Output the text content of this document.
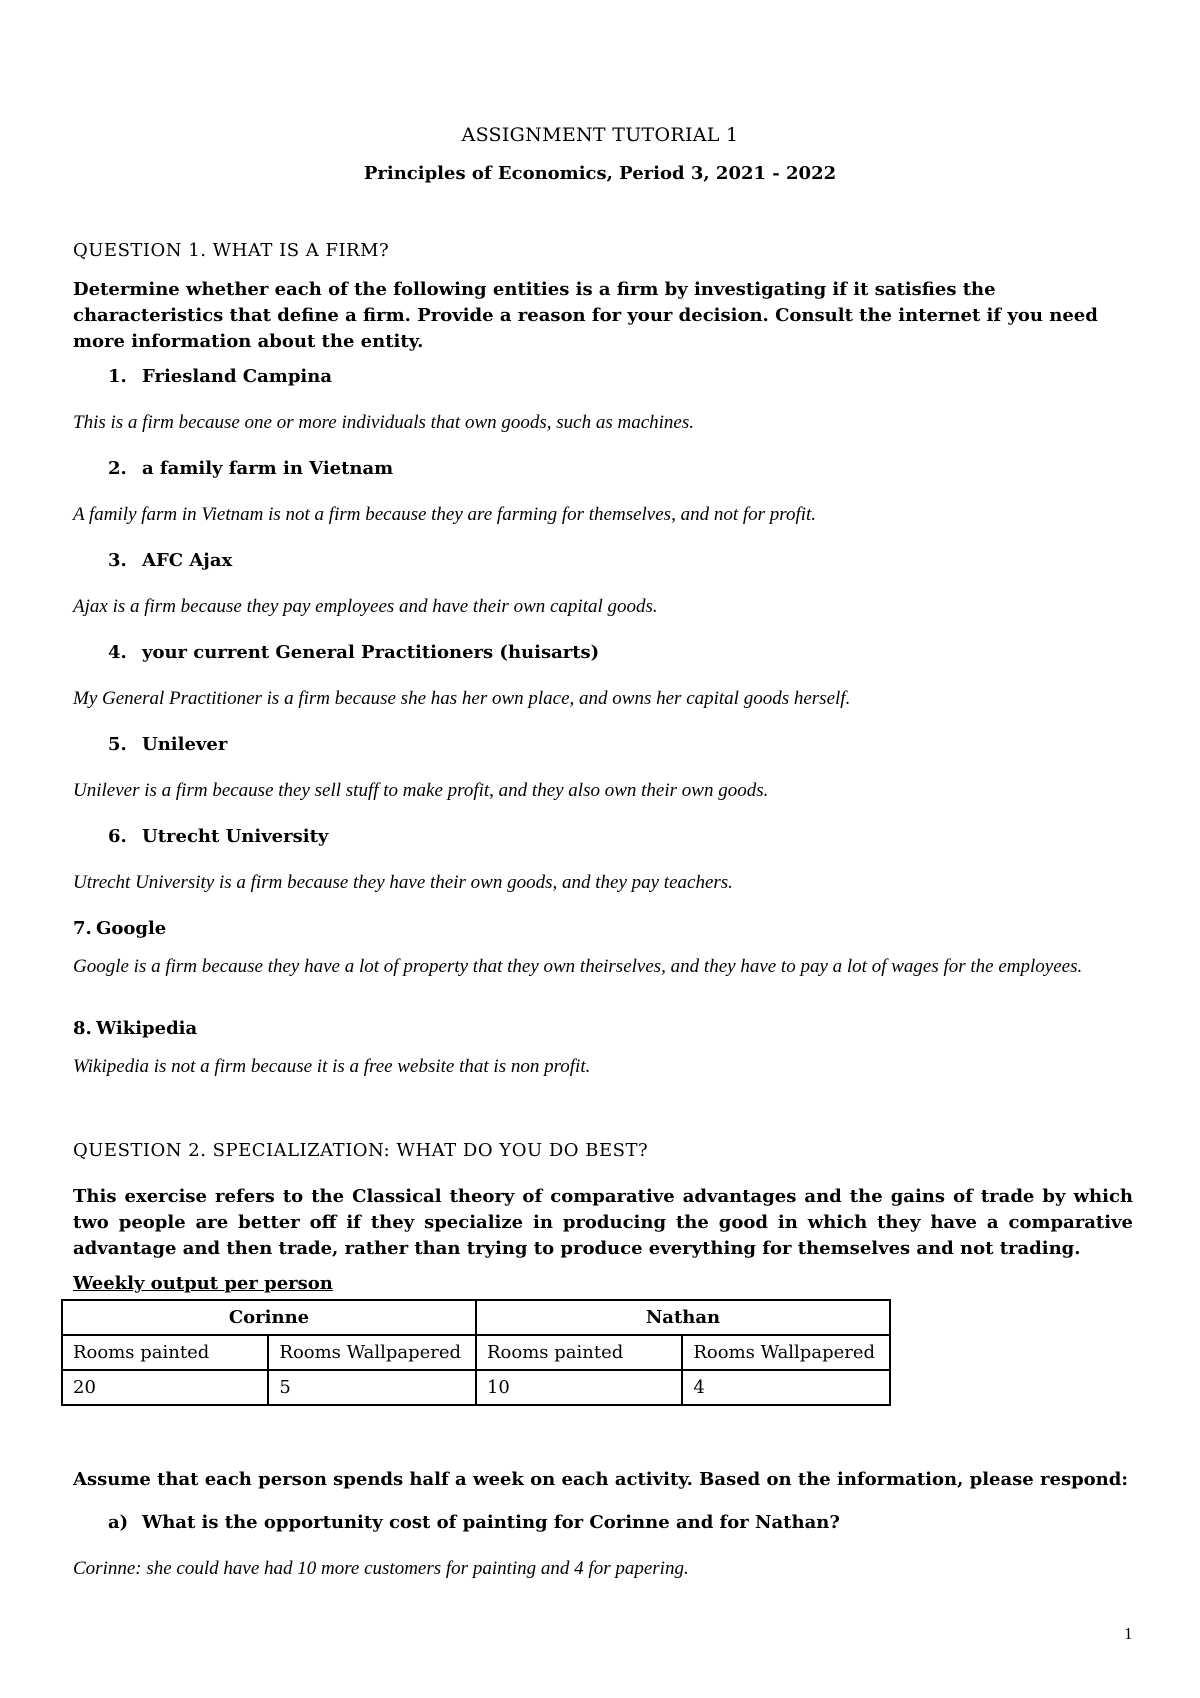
ASSIGNMENT TUTORIAL 1
Principles of Economics, Period 3, 2021 - 2022
QUESTION 1. WHAT IS A FIRM?
Determine whether each of the following entities is a firm by investigating if it satisfies the characteristics that define a firm. Provide a reason for your decision. Consult the internet if you need more information about the entity.
1. Friesland Campina
This is a firm because one or more individuals that own goods, such as machines.
2. a family farm in Vietnam
A family farm in Vietnam is not a firm because they are farming for themselves, and not for profit.
3. AFC Ajax
Ajax is a firm because they pay employees and have their own capital goods.
4. your current General Practitioners (huisarts)
My General Practitioner is a firm because she has her own place, and owns her capital goods herself.
5. Unilever
Unilever is a firm because they sell stuff to make profit, and they also own their own goods.
6. Utrecht University
Utrecht University is a firm because they have their own goods, and they pay teachers.
7. Google
Google is a firm because they have a lot of property that they own theirselves, and they have to pay a lot of wages for the employees.
8. Wikipedia
Wikipedia is not a firm because it is a free website that is non profit.
QUESTION 2. SPECIALIZATION: WHAT DO YOU DO BEST?
This exercise refers to the Classical theory of comparative advantages and the gains of trade by which two people are better off if they specialize in producing the good in which they have a comparative advantage and then trade, rather than trying to produce everything for themselves and not trading.
Weekly output per person
Corinne		Nathan	
Rooms painted	Rooms Wallpapered	Rooms painted	Rooms Wallpapered
20	5	10	4
Assume that each person spends half a week on each activity. Based on the information, please respond:
a) What is the opportunity cost of painting for Corinne and for Nathan?
Corinne: she could have had 10 more customers for painting and 4 for papering.
1
